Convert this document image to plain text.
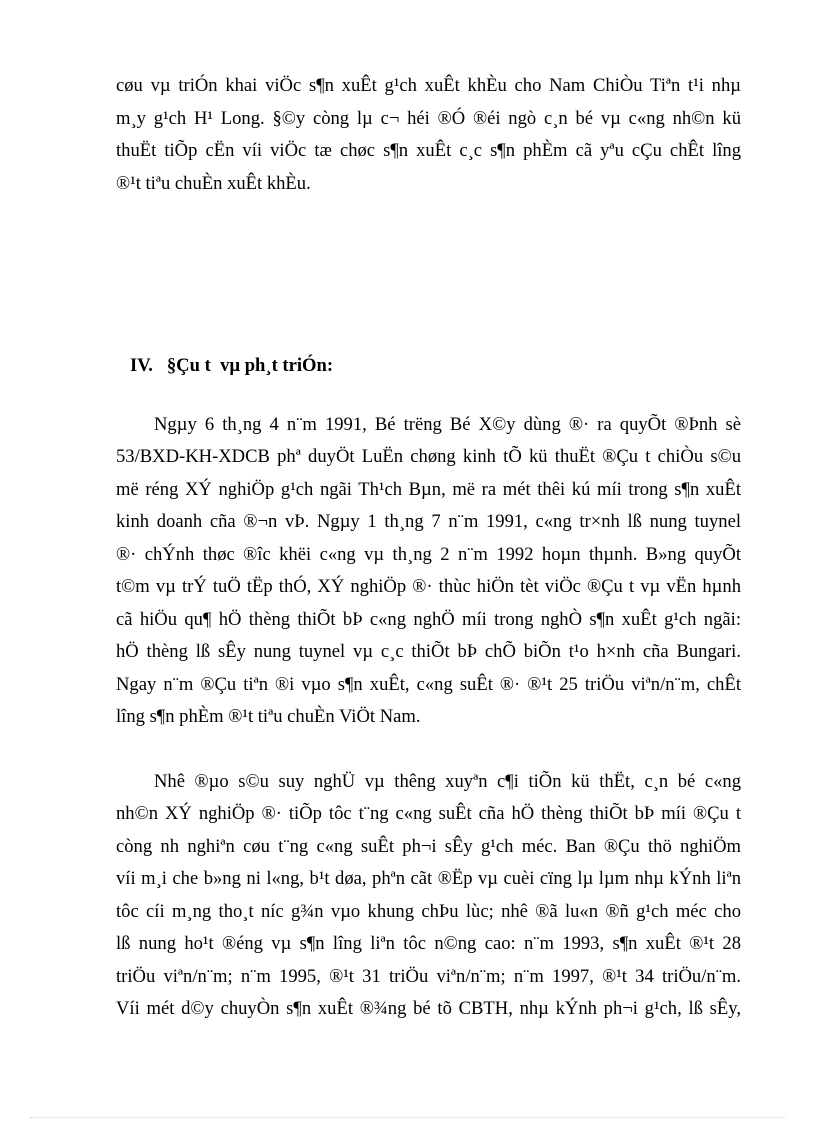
cøu vµ triÓn khai viÖc s¶n xuÊt g¹ch xuÊt khÈu cho Nam ChiÒu Tiªn t¹i nhµ
m¸y g¹ch H¹ Long. §©y còng lµ c¬ héi ®Ó ®éi ngò c¸n bé vµ c«ng nh©n kü
thuËt tiÕp cËn víi viÖc tæ chøc s¶n xuÊt c¸c s¶n phÈm cã yªu cÇu chÊt lîng
®¹t tiªu chuÈn xuÊt khÈu.
IV.   §Çu t  vµ ph¸t triÓn:
Ngµy 6 th¸ng 4 n¨m 1991, Bé trëng Bé X©y dùng ®· ra quyÕt ®Þnh sè
53/BXD-KH-XDCB phª duyÖt LuËn chøng kinh tÕ kü thuËt ®Çu t chiÒu s©u
më réng XÝ nghiÖp g¹ch ngãi Th¹ch Bµn, më ra mét thêi kú míi trong s¶n xuÊt
kinh doanh cña ®¬n vÞ. Ngµy 1 th¸ng 7 n¨m 1991, c«ng tr×nh lß nung tuynel
®· chÝnh thøc ®îc khëi c«ng vµ th¸ng 2 n¨m 1992 hoµn thµnh. B»ng quyÕt
t©m vµ trÝ tuÖ tËp thÓ, XÝ nghiÖp ®· thùc hiÖn tèt viÖc ®Çu t vµ vËn hµnh
cã hiÖu qu¶ hÖ thèng thiÕt bÞ c«ng nghÖ míi trong nghÒ s¶n xuÊt g¹ch ngãi:
hÖ thèng lß sÊy nung tuynel vµ c¸c thiÕt bÞ chÕ biÕn t¹o h×nh cña Bungari.
Ngay n¨m ®Çu tiªn ®i vµo s¶n xuÊt, c«ng suÊt ®· ®¹t 25 triÖu viªn/n¨m, chÊt
lîng s¶n phÈm ®¹t tiªu chuÈn ViÖt Nam.
Nhê ®µo s©u suy nghÜ vµ thêng xuyªn c¶i tiÕn kü thËt, c¸n bé c«ng
nh©n XÝ nghiÖp ®· tiÕp tôc t¨ng c«ng suÊt cña hÖ thèng thiÕt bÞ míi ®Çu t
còng nh nghiªn cøu t¨ng c«ng suÊt ph¬i sÊy g¹ch méc. Ban ®Çu thö nghiÖm
víi m¸i che b»ng ni l«ng, b¹t døa, phªn cãt ®Ëp vµ cuèi cïng lµ lµm nhµ kÝnh liªn
tôc cíi m¸ng tho¸t níc g¾n vµo khung chÞu lùc; nhê ®ã lu«n ®ñ g¹ch méc cho
lß nung ho¹t ®éng vµ s¶n lîng liªn tôc n©ng cao: n¨m 1993, s¶n xuÊt ®¹t 28
triÖu viªn/n¨m; n¨m 1995, ®¹t 31 triÖu viªn/n¨m; n¨m 1997, ®¹t 34 triÖu/n¨m.
Víi mét d©y chuyÒn s¶n xuÊt ®¾ng bé tõ CBTH, nhµ kÝnh ph¬i g¹ch, lß sÊy,
